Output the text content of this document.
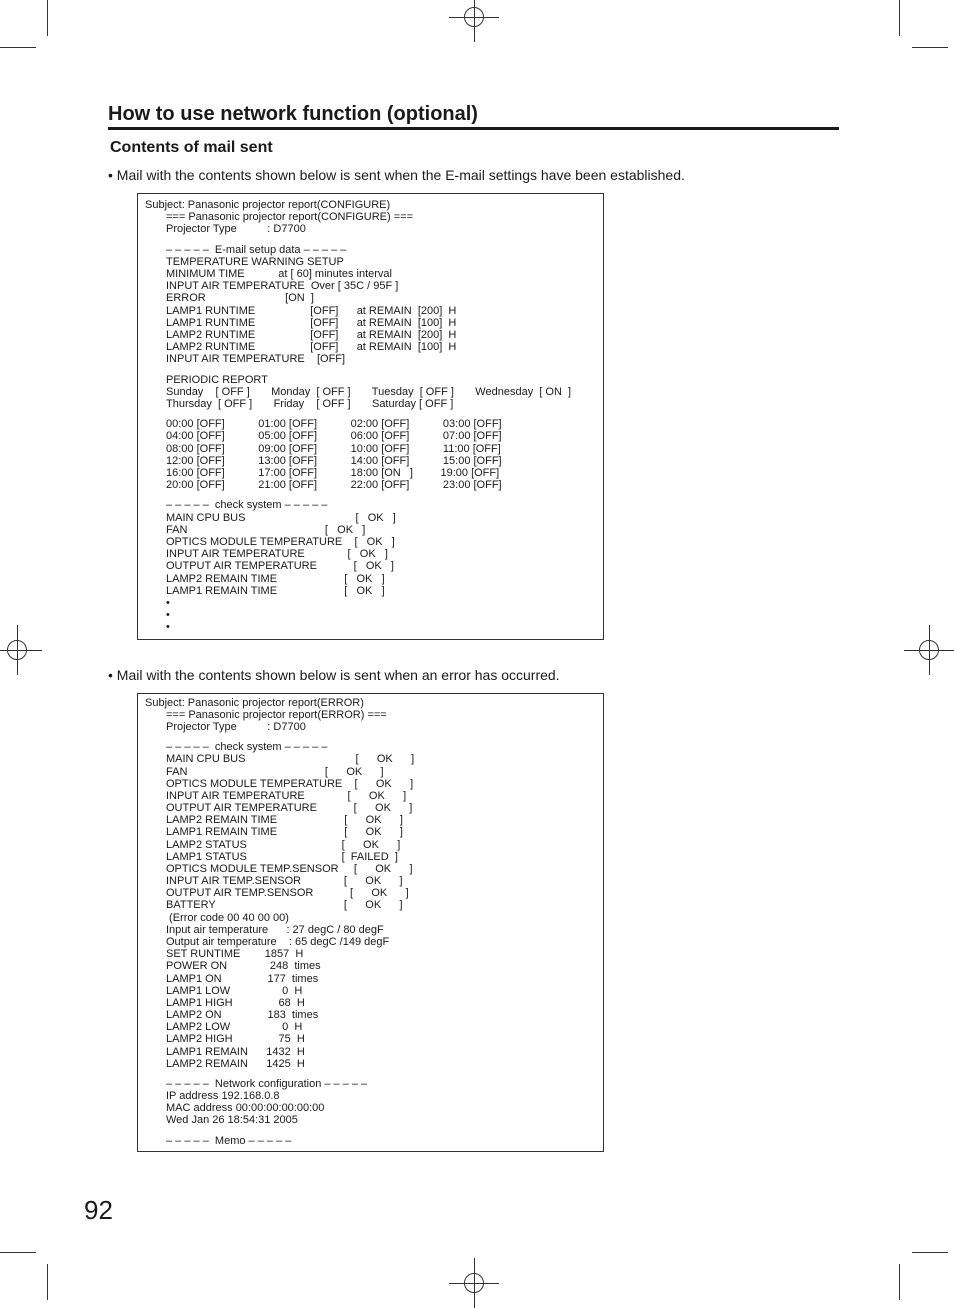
How to use network function (optional)
Contents of mail sent
• Mail with the contents shown below is sent when the E-mail settings have been established.
Subject: Panasonic projector report(CONFIGURE)
=== Panasonic projector report(CONFIGURE) ===
Projector Type          : D7700
– – – – –  E-mail setup data – – – – –
TEMPERATURE WARNING SETUP
MINIMUM TIME           at [ 60] minutes interval
INPUT AIR TEMPERATURE  Over [ 35C / 95F ]
ERROR                          [ON  ]
LAMP1 RUNTIME                  [OFF]      at REMAIN  [200]  H
LAMP1 RUNTIME                  [OFF]      at REMAIN  [100]  H
LAMP2 RUNTIME                  [OFF]      at REMAIN  [200]  H
LAMP2 RUNTIME                  [OFF]      at REMAIN  [100]  H
INPUT AIR TEMPERATURE    [OFF]
PERIODIC REPORT
Sunday    [ OFF ]       Monday  [ OFF ]       Tuesday  [ OFF ]       Wednesday  [ ON  ]
Thursday  [ OFF ]       Friday    [ OFF ]       Saturday [ OFF ]
00:00 [OFF]           01:00 [OFF]           02:00 [OFF]           03:00 [OFF]
04:00 [OFF]           05:00 [OFF]           06:00 [OFF]           07:00 [OFF]
08:00 [OFF]           09:00 [OFF]           10:00 [OFF]           11:00 [OFF]
12:00 [OFF]           13:00 [OFF]           14:00 [OFF]           15:00 [OFF]
16:00 [OFF]           17:00 [OFF]           18:00 [ON   ]         19:00 [OFF]
20:00 [OFF]           21:00 [OFF]           22:00 [OFF]           23:00 [OFF]
– – – – –  check system – – – – –
MAIN CPU BUS                                    [   OK   ]
FAN                                             [   OK   ]
OPTICS MODULE TEMPERATURE    [   OK   ]
INPUT AIR TEMPERATURE              [   OK   ]
OUTPUT AIR TEMPERATURE            [   OK   ]
LAMP2 REMAIN TIME                      [   OK   ]
LAMP1 REMAIN TIME                      [   OK   ]
•
•
•
• Mail with the contents shown below is sent when an error has occurred.
Subject: Panasonic projector report(ERROR)
=== Panasonic projector report(ERROR) ===
Projector Type          : D7700
– – – – –  check system – – – – –
MAIN CPU BUS                                    [      OK      ]
FAN                                             [      OK      ]
OPTICS MODULE TEMPERATURE    [      OK      ]
INPUT AIR TEMPERATURE              [      OK      ]
OUTPUT AIR TEMPERATURE            [      OK      ]
LAMP2 REMAIN TIME                      [      OK      ]
LAMP1 REMAIN TIME                      [      OK      ]
LAMP2 STATUS                               [      OK      ]
LAMP1 STATUS                               [  FAILED  ]
OPTICS MODULE TEMP.SENSOR     [      OK      ]
INPUT AIR TEMP.SENSOR              [      OK      ]
OUTPUT AIR TEMP.SENSOR            [      OK      ]
BATTERY                                          [      OK      ]
(Error code 00 40 00 00)
Input air temperature      : 27 degC / 80 degF
Output air temperature    : 65 degC /149 degF
SET RUNTIME        1857  H
POWER ON              248  times
LAMP1 ON               177  times
LAMP1 LOW                 0  H
LAMP1 HIGH               68  H
LAMP2 ON               183  times
LAMP2 LOW                 0  H
LAMP2 HIGH               75  H
LAMP1 REMAIN      1432  H
LAMP2 REMAIN      1425  H
– – – – –  Network configuration – – – – –
IP address 192.168.0.8
MAC address 00:00:00:00:00:00
Wed Jan 26 18:54:31 2005
– – – – –  Memo – – – – –
92
